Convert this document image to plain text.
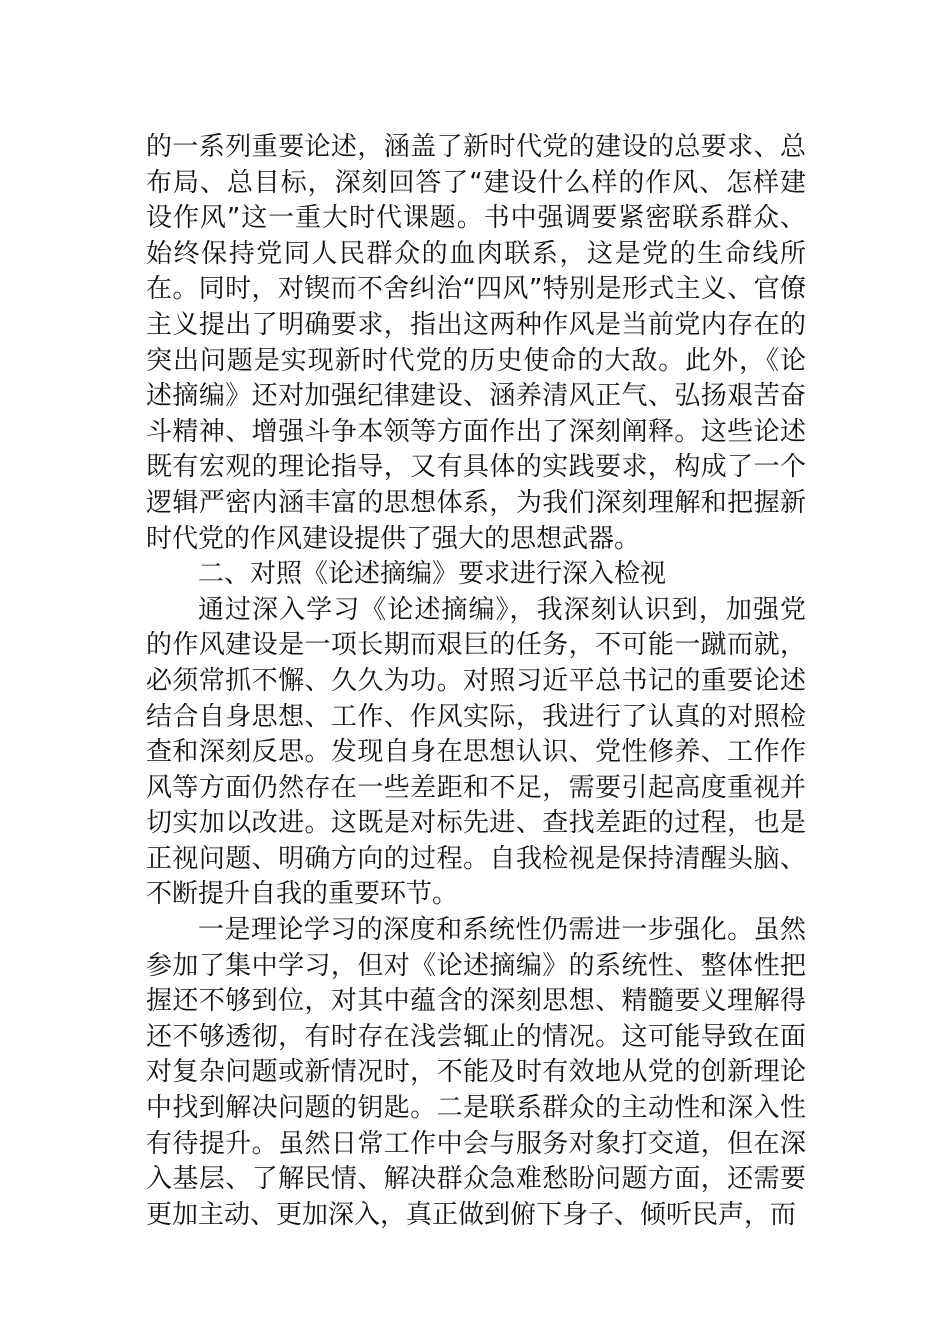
的一系列重要论述，涵盖了新时代党的建设的总要求、总布局、总目标，深刻回答了“建设什么样的作风、怎样建设作风”这一重大时代课题。书中强调要紧密联系群众、始终保持党同人民群众的血肉联系，这是党的生命线所在。同时，对锲而不舍纠治“四风”特别是形式主义、官僚主义提出了明确要求，指出这两种作风是当前党内存在的突出问题是实现新时代党的历史使命的大敌。此外，《论述摘编》还对加强纪律建设、涵养清风正气、弘扬艰苦奋斗精神、增强斗争本领等方面作出了深刻阐释。这些论述既有宏观的理论指导，又有具体的实践要求，构成了一个逻辑严密内涵丰富的思想体系，为我们深刻理解和把握新时代党的作风建设提供了强大的思想武器。

二、对照《论述摘编》要求进行深入检视

通过深入学习《论述摘编》，我深刻认识到，加强党的作风建设是一项长期而艰巨的任务，不可能一蹴而就，必须常抓不懈、久久为功。对照习近平总书记的重要论述结合自身思想、工作、作风实际，我进行了认真的对照检查和深刻反思。发现自身在思想认识、党性修养、工作作风等方面仍然存在一些差距和不足，需要引起高度重视并切实加以改进。这既是对标先进、查找差距的过程，也是正视问题、明确方向的过程。自我检视是保持清醒头脑、不断提升自我的重要环节。

一是理论学习的深度和系统性仍需进一步强化。虽然参加了集中学习，但对《论述摘编》的系统性、整体性把握还不够到位，对其中蕴含的深刻思想、精髓要义理解得还不够透彻，有时存在浅尝辄止的情况。这可能导致在面对复杂问题或新情况时，不能及时有效地从党的创新理论中找到解决问题的钥匙。二是联系群众的主动性和深入性有待提升。虽然日常工作中会与服务对象打交道，但在深入基层、了解民情、解决群众急难愁盼问题方面，还需要更加主动、更加深入，真正做到俯下身子、倾听民声，而
